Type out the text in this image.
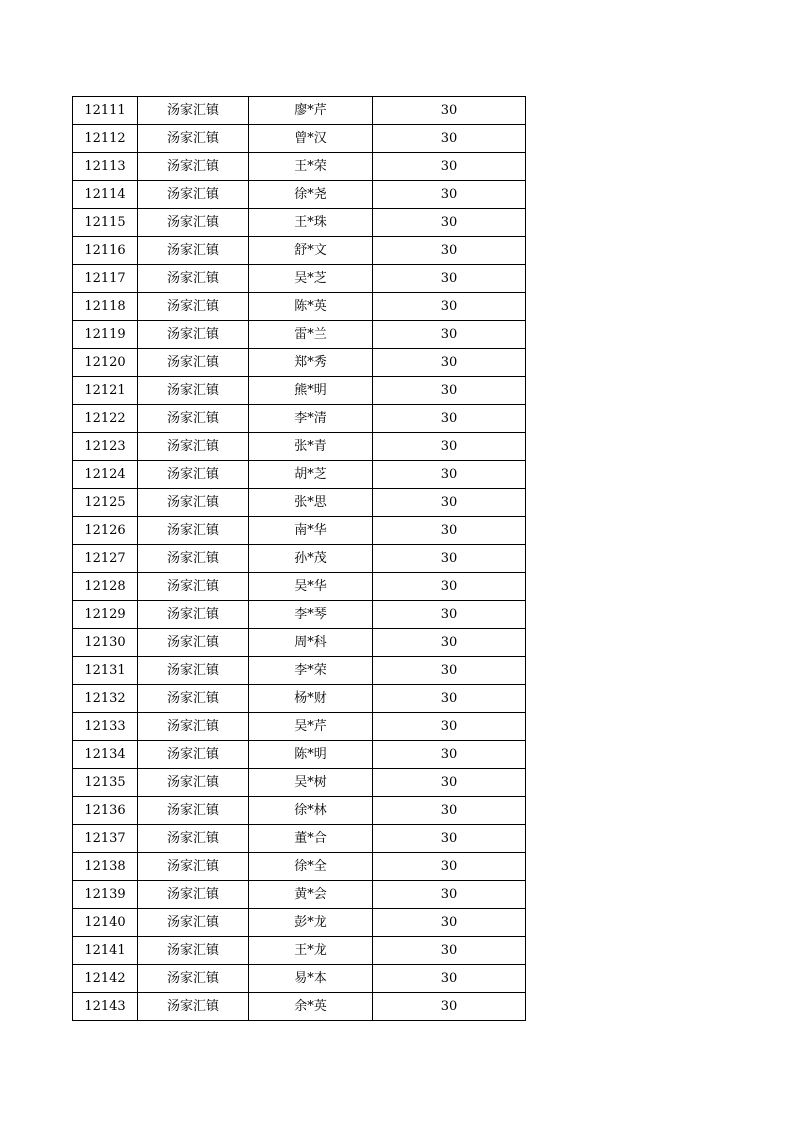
12111	汤家汇镇	廖*芹	30
12112	汤家汇镇	曾*汉	30
12113	汤家汇镇	王*荣	30
12114	汤家汇镇	徐*尧	30
12115	汤家汇镇	王*珠	30
12116	汤家汇镇	舒*文	30
12117	汤家汇镇	吴*芝	30
12118	汤家汇镇	陈*英	30
12119	汤家汇镇	雷*兰	30
12120	汤家汇镇	郑*秀	30
12121	汤家汇镇	熊*明	30
12122	汤家汇镇	李*清	30
12123	汤家汇镇	张*青	30
12124	汤家汇镇	胡*芝	30
12125	汤家汇镇	张*思	30
12126	汤家汇镇	南*华	30
12127	汤家汇镇	孙*茂	30
12128	汤家汇镇	吴*华	30
12129	汤家汇镇	李*琴	30
12130	汤家汇镇	周*科	30
12131	汤家汇镇	李*荣	30
12132	汤家汇镇	杨*财	30
12133	汤家汇镇	吴*芹	30
12134	汤家汇镇	陈*明	30
12135	汤家汇镇	吴*树	30
12136	汤家汇镇	徐*林	30
12137	汤家汇镇	董*合	30
12138	汤家汇镇	徐*全	30
12139	汤家汇镇	黄*会	30
12140	汤家汇镇	彭*龙	30
12141	汤家汇镇	王*龙	30
12142	汤家汇镇	易*本	30
12143	汤家汇镇	余*英	30
